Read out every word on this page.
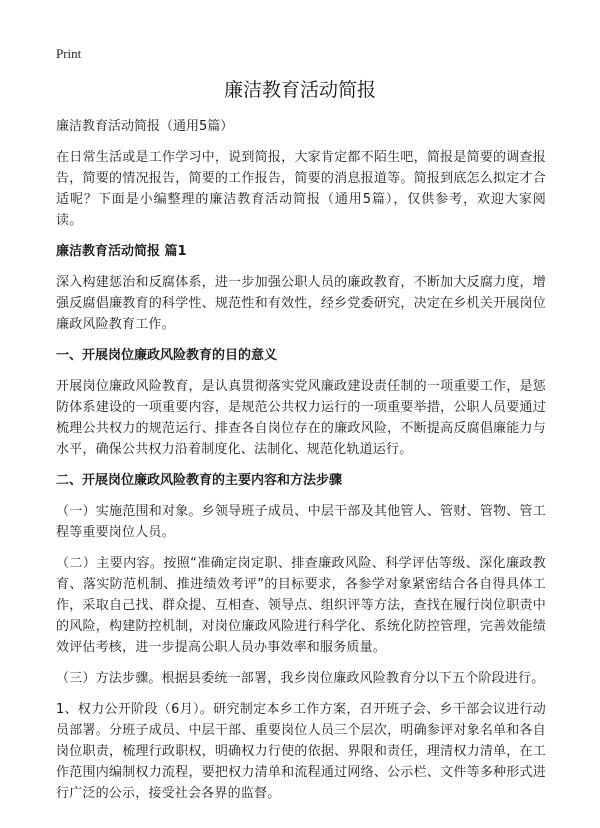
Print
廉洁教育活动简报
廉洁教育活动简报（通用5篇）
在日常生活或是工作学习中，说到简报，大家肯定都不陌生吧，简报是简要的调查报告，简要的情况报告，简要的工作报告，简要的消息报道等。简报到底怎么拟定才合适呢？下面是小编整理的廉洁教育活动简报（通用5篇），仅供参考，欢迎大家阅读。
廉洁教育活动简报 篇1
深入构建惩治和反腐体系，进一步加强公职人员的廉政教育，不断加大反腐力度，增强反腐倡廉教育的科学性、规范性和有效性，经乡党委研究，决定在乡机关开展岗位廉政风险教育工作。
一、开展岗位廉政风险教育的目的意义
开展岗位廉政风险教育，是认真贯彻落实党风廉政建设责任制的一项重要工作，是惩防体系建设的一项重要内容，是规范公共权力运行的一项重要举措，公职人员要通过梳理公共权力的规范运行、排查各自岗位存在的廉政风险，不断提高反腐倡廉能力与水平，确保公共权力沿着制度化、法制化、规范化轨道运行。
二、开展岗位廉政风险教育的主要内容和方法步骤
（一）实施范围和对象。乡领导班子成员、中层干部及其他管人、管财、管物、管工程等重要岗位人员。
（二）主要内容。按照“准确定岗定职、排查廉政风险、科学评估等级、深化廉政教育、落实防范机制、推进绩效考评”的目标要求，各参学对象紧密结合各自得具体工作，采取自己找、群众提、互相查、领导点、组织评等方法，查找在履行岗位职责中的风险，构建防控机制，对岗位廉政风险进行科学化、系统化防控管理，完善效能绩效评估考核，进一步提高公职人员办事效率和服务质量。
（三）方法步骤。根据县委统一部署，我乡岗位廉政风险教育分以下五个阶段进行。
1、权力公开阶段（6月）。研究制定本乡工作方案，召开班子会、乡干部会议进行动员部署。分班子成员、中层干部、重要岗位人员三个层次，明确参评对象名单和各自岗位职责，梳理行政职权，明确权力行使的依据、界限和责任，理清权力清单，在工作范围内编制权力流程，要把权力清单和流程通过网络、公示栏、文件等多种形式进行广泛的公示，接受社会各界的监督。
